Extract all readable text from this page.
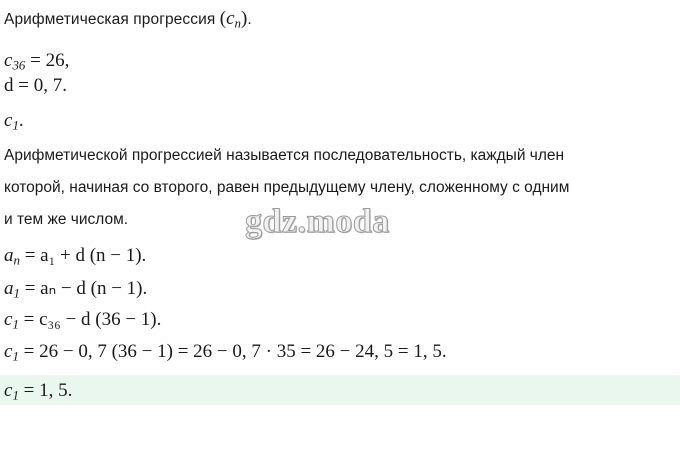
Арифметическая прогрессия $(c_n)$.
$c_{36} = 26$,
d = 0, 7.
$c_1$.
Арифметической прогрессией называется последовательность, каждый член
которой, начиная со второго, равен предыдущему члену, сложенному с одним
и тем же числом.	gdz.moda
$a_n = a_1 + d$ (n − 1).
$a_1 = a_n - d$ (n − 1).
$c_1 = c_{36} - d$ (36 − 1).
$c_1 = 26 - 0$, 7 (36 − 1) = 26 − 0, 7 · 35 = 26 − 24, 5 = 1, 5.
$c_1 = 1$, 5.
